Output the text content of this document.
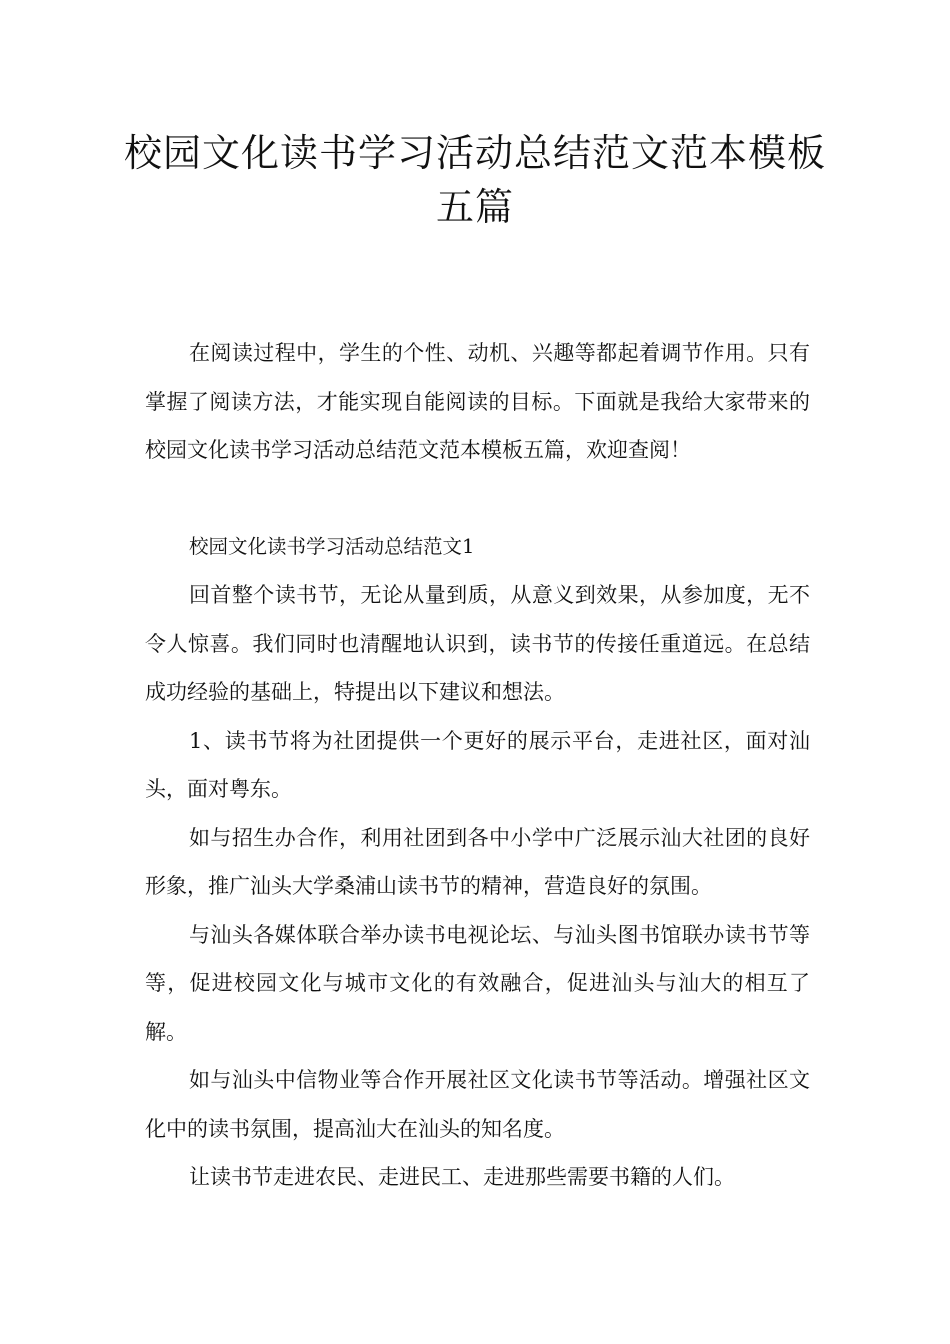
校园文化读书学习活动总结范文范本模板五篇

在阅读过程中，学生的个性、动机、兴趣等都起着调节作用。只有掌握了阅读方法，才能实现自能阅读的目标。下面就是我给大家带来的校园文化读书学习活动总结范文范本模板五篇，欢迎查阅！

校园文化读书学习活动总结范文1

回首整个读书节，无论从量到质，从意义到效果，从参加度，无不令人惊喜。我们同时也清醒地认识到，读书节的传接任重道远。在总结成功经验的基础上，特提出以下建议和想法。

1、读书节将为社团提供一个更好的展示平台，走进社区，面对汕头，面对粤东。

如与招生办合作，利用社团到各中小学中广泛展示汕大社团的良好形象，推广汕头大学桑浦山读书节的精神，营造良好的氛围。

与汕头各媒体联合举办读书电视论坛、与汕头图书馆联办读书节等等，促进校园文化与城市文化的有效融合，促进汕头与汕大的相互了解。

如与汕头中信物业等合作开展社区文化读书节等活动。增强社区文化中的读书氛围，提高汕大在汕头的知名度。

让读书节走进农民、走进民工、走进那些需要书籍的人们。
